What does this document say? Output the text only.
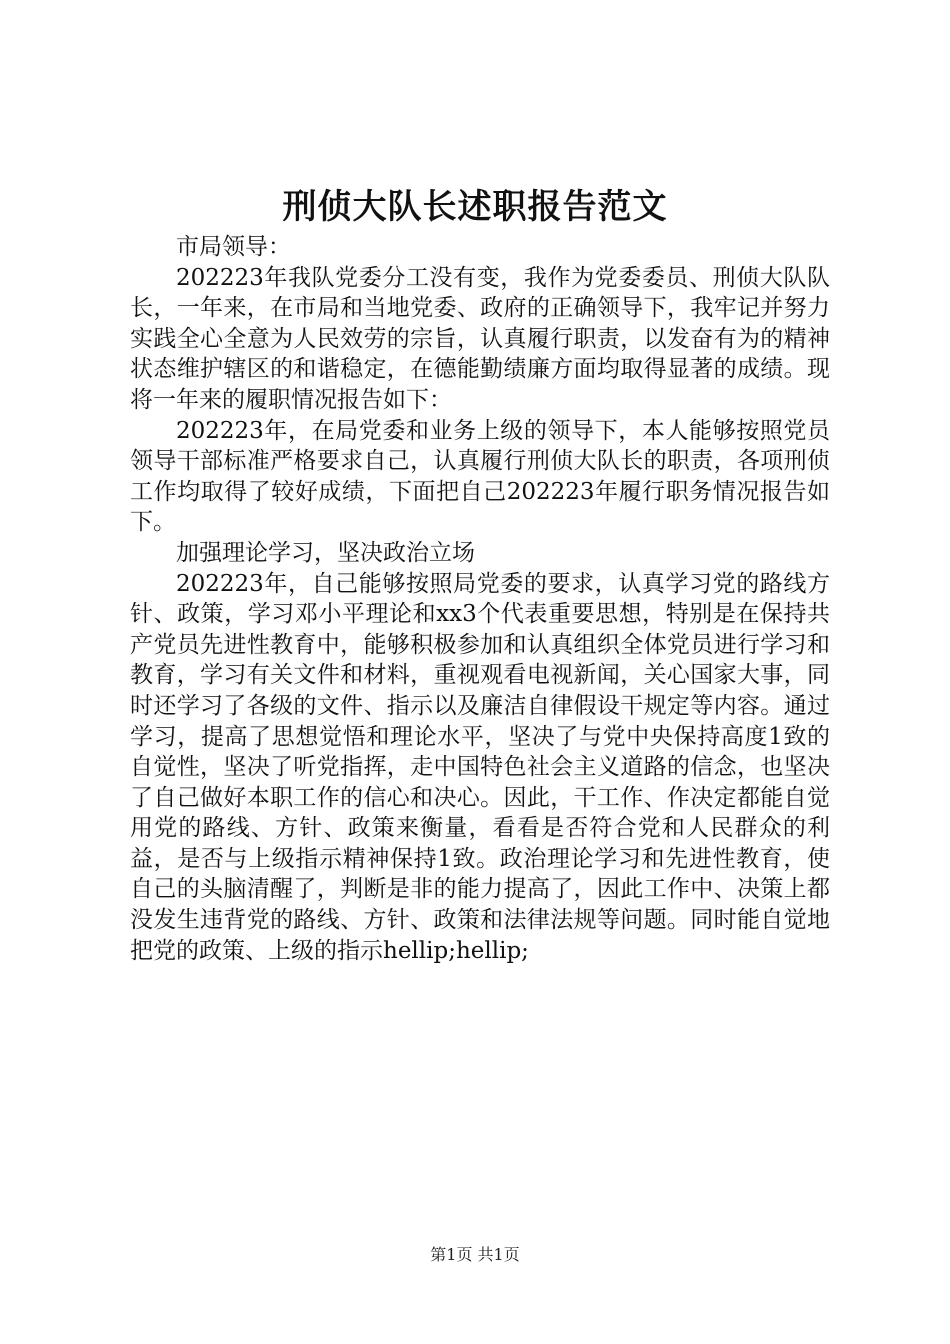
刑侦大队长述职报告范文

市局领导：

202223年我队党委分工没有变，我作为党委委员、刑侦大队队长，一年来，在市局和当地党委、政府的正确领导下，我牢记并努力实践全心全意为人民效劳的宗旨，认真履行职责，以发奋有为的精神状态维护辖区的和谐稳定，在德能勤绩廉方面均取得显著的成绩。现将一年来的履职情况报告如下：

202223年，在局党委和业务上级的领导下，本人能够按照党员领导干部标准严格要求自己，认真履行刑侦大队长的职责，各项刑侦工作均取得了较好成绩，下面把自己202223年履行职务情况报告如下。

加强理论学习，坚决政治立场

202223年，自己能够按照局党委的要求，认真学习党的路线方针、政策，学习邓小平理论和xx3个代表重要思想，特别是在保持共产党员先进性教育中，能够积极参加和认真组织全体党员进行学习和教育，学习有关文件和材料，重视观看电视新闻，关心国家大事，同时还学习了各级的文件、指示以及廉洁自律假设干规定等内容。通过学习，提高了思想觉悟和理论水平，坚决了与党中央保持高度1致的自觉性，坚决了听党指挥，走中国特色社会主义道路的信念，也坚决了自己做好本职工作的信心和决心。因此，干工作、作决定都能自觉用党的路线、方针、政策来衡量，看看是否符合党和人民群众的利益，是否与上级指示精神保持1致。政治理论学习和先进性教育，使自己的头脑清醒了，判断是非的能力提高了，因此工作中、决策上都没发生违背党的路线、方针、政策和法律法规等问题。同时能自觉地把党的政策、上级的指示hellip;hellip;

第1页 共1页
